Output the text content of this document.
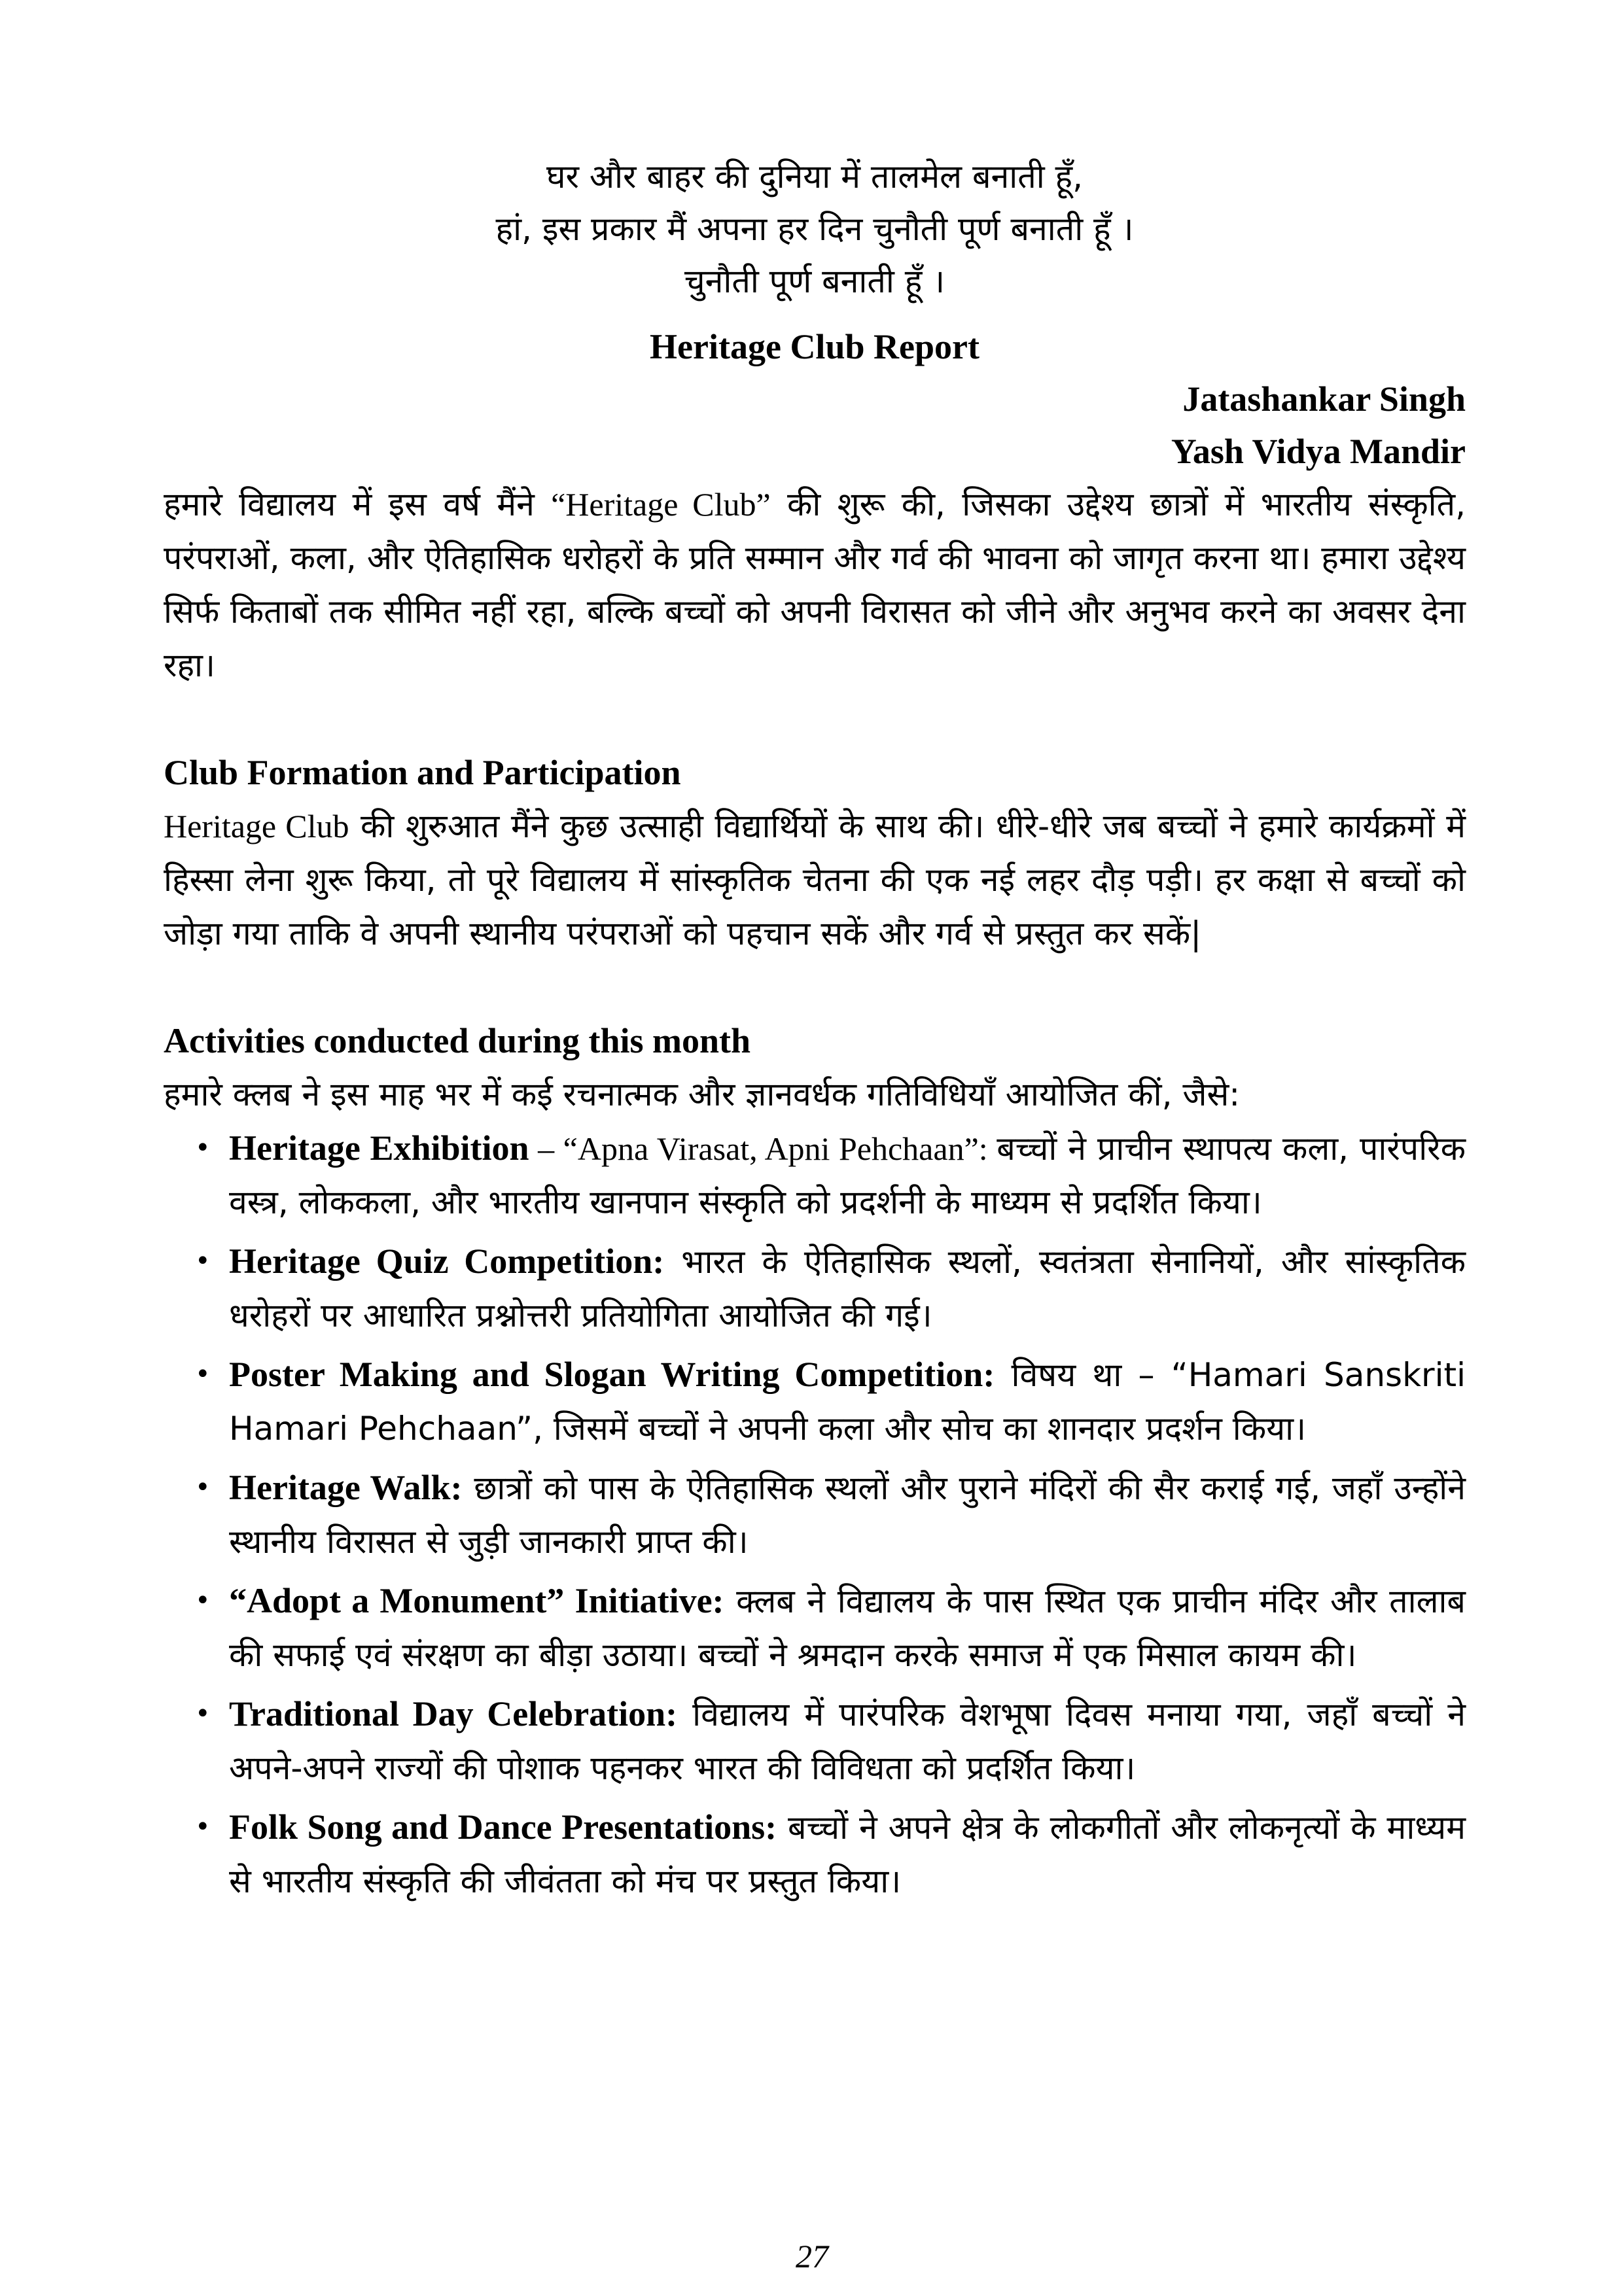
घर और बाहर की दुनिया में तालमेल बनाती हूँ,
हां, इस प्रकार मैं अपना हर दिन चुनौती पूर्ण बनाती हूँ ।
चुनौती पूर्ण बनाती हूँ ।
Heritage Club Report
Jatashankar Singh
Yash Vidya Mandir

हमारे विद्यालय में इस वर्ष मैंने “Heritage Club” की शुरू की, जिसका उद्देश्य छात्रों में भारतीय संस्कृति, परंपराओं, कला, और ऐतिहासिक धरोहरों के प्रति सम्मान और गर्व की भावना को जागृत करना था। हमारा उद्देश्य सिर्फ किताबों तक सीमित नहीं रहा, बल्कि बच्चों को अपनी विरासत को जीने और अनुभव करने का अवसर देना रहा।

Club Formation and Participation

Heritage Club की शुरुआत मैंने कुछ उत्साही विद्यार्थियों के साथ की। धीरे-धीरे जब बच्चों ने हमारे कार्यक्रमों में हिस्सा लेना शुरू किया, तो पूरे विद्यालय में सांस्कृतिक चेतना की एक नई लहर दौड़ पड़ी। हर कक्षा से बच्चों को जोड़ा गया ताकि वे अपनी स्थानीय परंपराओं को पहचान सकें और गर्व से प्रस्तुत कर सकें|

Activities conducted during this month

हमारे क्लब ने इस माह भर में कई रचनात्मक और ज्ञानवर्धक गतिविधियाँ आयोजित कीं, जैसे:

• Heritage Exhibition – “Apna Virasat, Apni Pehchaan”: बच्चों ने प्राचीन स्थापत्य कला, पारंपरिक वस्त्र, लोककला, और भारतीय खानपान संस्कृति को प्रदर्शनी के माध्यम से प्रदर्शित किया।
• Heritage Quiz Competition: भारत के ऐतिहासिक स्थलों, स्वतंत्रता सेनानियों, और सांस्कृतिक धरोहरों पर आधारित प्रश्नोत्तरी प्रतियोगिता आयोजित की गई।
• Poster Making and Slogan Writing Competition: विषय था – “Hamari Sanskriti Hamari Pehchaan”, जिसमें बच्चों ने अपनी कला और सोच का शानदार प्रदर्शन किया।
• Heritage Walk: छात्रों को पास के ऐतिहासिक स्थलों और पुराने मंदिरों की सैर कराई गई, जहाँ उन्होंने स्थानीय विरासत से जुड़ी जानकारी प्राप्त की।
• “Adopt a Monument” Initiative: क्लब ने विद्यालय के पास स्थित एक प्राचीन मंदिर और तालाब की सफाई एवं संरक्षण का बीड़ा उठाया। बच्चों ने श्रमदान करके समाज में एक मिसाल कायम की।
• Traditional Day Celebration: विद्यालय में पारंपरिक वेशभूषा दिवस मनाया गया, जहाँ बच्चों ने अपने-अपने राज्यों की पोशाक पहनकर भारत की विविधता को प्रदर्शित किया।
• Folk Song and Dance Presentations: बच्चों ने अपने क्षेत्र के लोकगीतों और लोकनृत्यों के माध्यम से भारतीय संस्कृति की जीवंतता को मंच पर प्रस्तुत किया।
27
